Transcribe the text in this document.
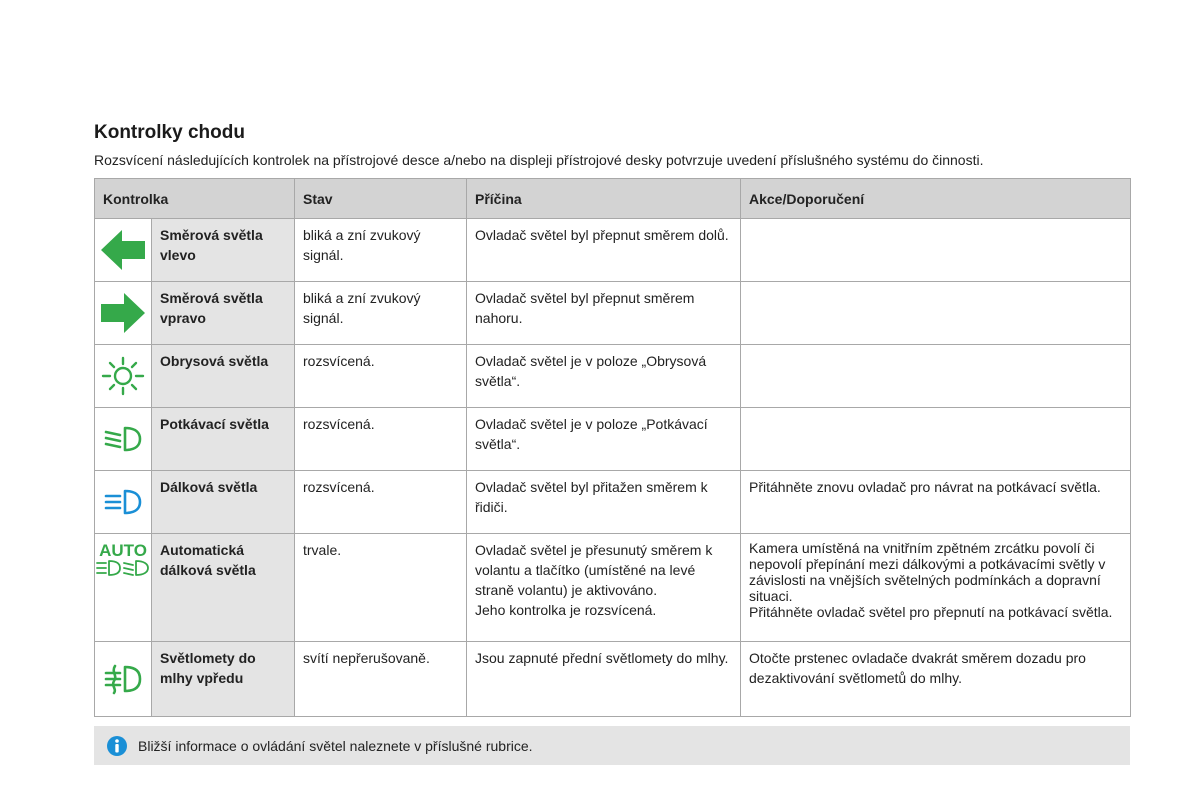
Kontrolky chodu

Rozsvícení následujících kontrolek na přístrojové desce a/nebo na displeji přístrojové desky potvrzuje uvedení příslušného systému do činnosti.

Kontrolka		Stav	Příčina	Akce/Doporučení

	Směrová světla vlevo	bliká a zní zvukový signál.	Ovladač světel byl přepnut směrem dolů.	

	Směrová světla vpravo	bliká a zní zvukový signál.	Ovladač světel byl přepnut směrem nahoru.	

	Obrysová světla	rozsvícená.	Ovladač světel je v poloze „Obrysová světla“.	

	Potkávací světla	rozsvícená.	Ovladač světel je v poloze „Potkávací světla“.	

	Dálková světla	rozsvícená.	Ovladač světel byl přitažen směrem k řidiči.	Přitáhněte znovu ovladač pro návrat na potkávací světla.

AUTO	Automatická dálková světla	trvale.	Ovladač světel je přesunutý směrem k volantu a tlačítko (umístěné na levé straně volantu) je aktivováno.
Jeho kontrolka je rozsvícená.	Kamera umístěná na vnitřním zpětném zrcátku povolí či nepovolí přepínání mezi dálkovými a potkávacími světly v závislosti na vnějších světelných podmínkách a dopravní situaci.
Přitáhněte ovladač světel pro přepnutí na potkávací světla.

	Světlomety do mlhy vpředu	svítí nepřerušovaně.	Jsou zapnuté přední světlomety do mlhy.	Otočte prstenec ovladače dvakrát směrem dozadu pro dezaktivování světlometů do mlhy.
Bližší informace o ovládání světel naleznete v příslušné rubrice.
